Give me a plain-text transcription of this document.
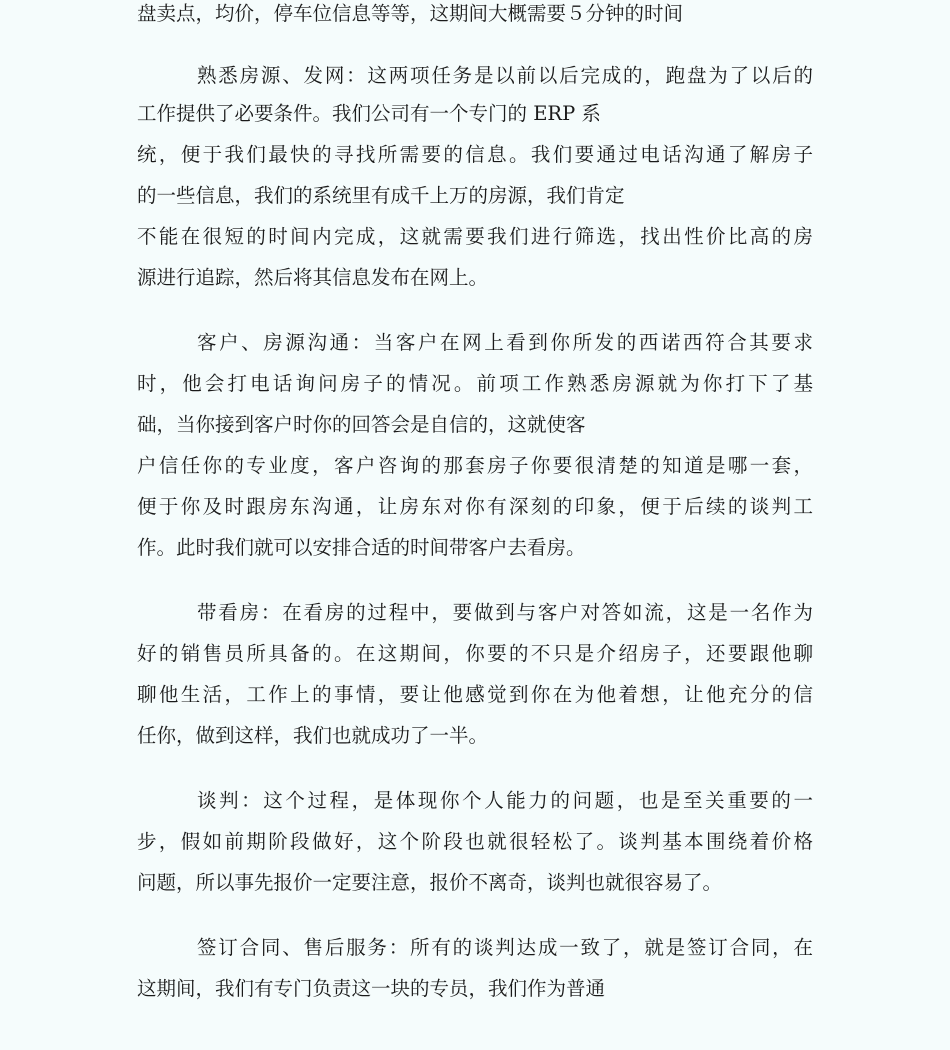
盘卖点，均价，停车位信息等等，这期间大概需要５分钟的时间
熟悉房源、发网：这两项任务是以前以后完成的，跑盘为了以后的
工作提供了必要条件。我们公司有一个专门的 ERP 系
统，便于我们最快的寻找所需要的信息。我们要通过电话沟通了解房子
的一些信息，我们的系统里有成千上万的房源，我们肯定
不能在很短的时间内完成，这就需要我们进行筛选，找出性价比高的房
源进行追踪，然后将其信息发布在网上。
客户、房源沟通：当客户在网上看到你所发的西诺西符合其要求
时，他会打电话询问房子的情况。前项工作熟悉房源就为你打下了基
础，当你接到客户时你的回答会是自信的，这就使客
户信任你的专业度，客户咨询的那套房子你要很清楚的知道是哪一套，
便于你及时跟房东沟通，让房东对你有深刻的印象，便于后续的谈判工
作。此时我们就可以安排合适的时间带客户去看房。
带看房：在看房的过程中，要做到与客户对答如流，这是一名作为
好的销售员所具备的。在这期间，你要的不只是介绍房子，还要跟他聊
聊他生活，工作上的事情，要让他感觉到你在为他着想，让他充分的信
任你，做到这样，我们也就成功了一半。
谈判：这个过程，是体现你个人能力的问题，也是至关重要的一
步，假如前期阶段做好，这个阶段也就很轻松了。谈判基本围绕着价格
问题，所以事先报价一定要注意，报价不离奇，谈判也就很容易了。
签订合同、售后服务：所有的谈判达成一致了，就是签订合同，在
这期间，我们有专门负责这一块的专员，我们作为普通
